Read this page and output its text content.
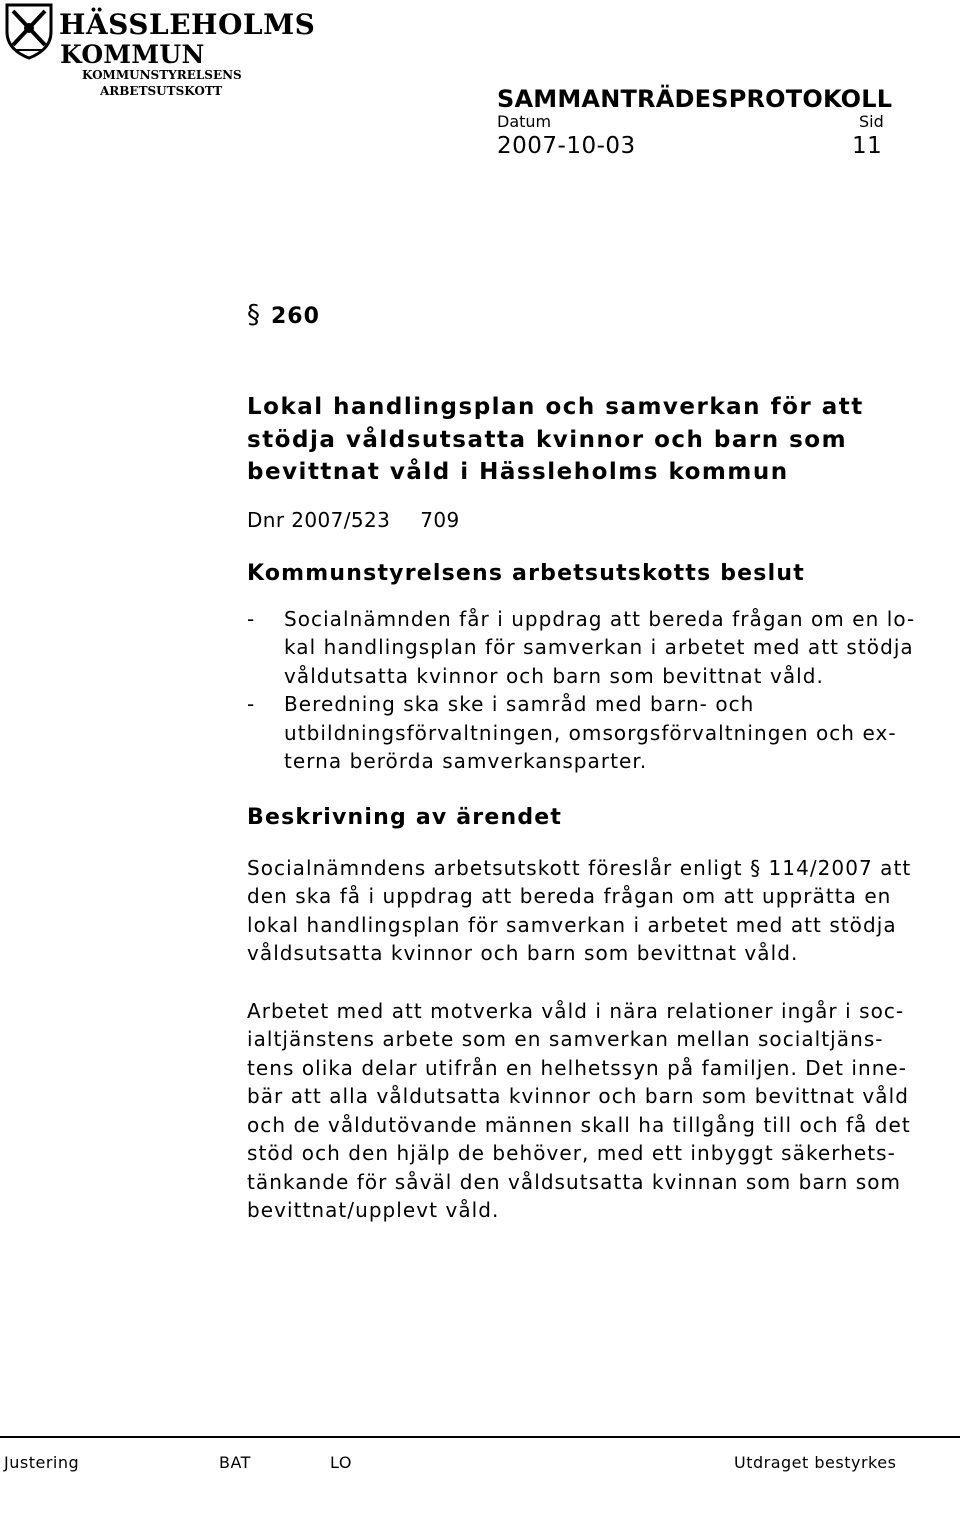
HÄSSLEHOLMS
KOMMUN
KOMMUNSTYRELSENS
ARBETSUTSKOTT	SAMMANTRÄDESPROTOKOLL
Datum	Sid
2007-10-03	11
§ 260
Lokal handlingsplan och samverkan för att
stödja våldsutsatta kvinnor och barn som
bevittnat våld i Hässleholms kommun
Dnr 2007/523 709
Kommunstyrelsens arbetsutskotts beslut
- Socialnämnden får i uppdrag att bereda frågan om en lo-
kal handlingsplan för samverkan i arbetet med att stödja
våldutsatta kvinnor och barn som bevittnat våld.
- Beredning ska ske i samråd med barn- och
utbildningsförvaltningen, omsorgsförvaltningen och ex-
terna berörda samverkansparter.
Beskrivning av ärendet

Socialnämndens arbetsutskott föreslår enligt § 114/2007 att
den ska få i uppdrag att bereda frågan om att upprätta en
lokal handlingsplan för samverkan i arbetet med att stödja
våldsutsatta kvinnor och barn som bevittnat våld.

Arbetet med att motverka våld i nära relationer ingår i soc-
ialtjänstens arbete som en samverkan mellan socialtjäns-
tens olika delar utifrån en helhetssyn på familjen. Det inne-
bär att alla våldutsatta kvinnor och barn som bevittnat våld
och de våldutövande männen skall ha tillgång till och få det
stöd och den hjälp de behöver, med ett inbyggt säkerhets-
tänkande för såväl den våldsutsatta kvinnan som barn som
bevittnat/upplevt våld.

Justering	BAT	LO	Utdraget bestyrkes
